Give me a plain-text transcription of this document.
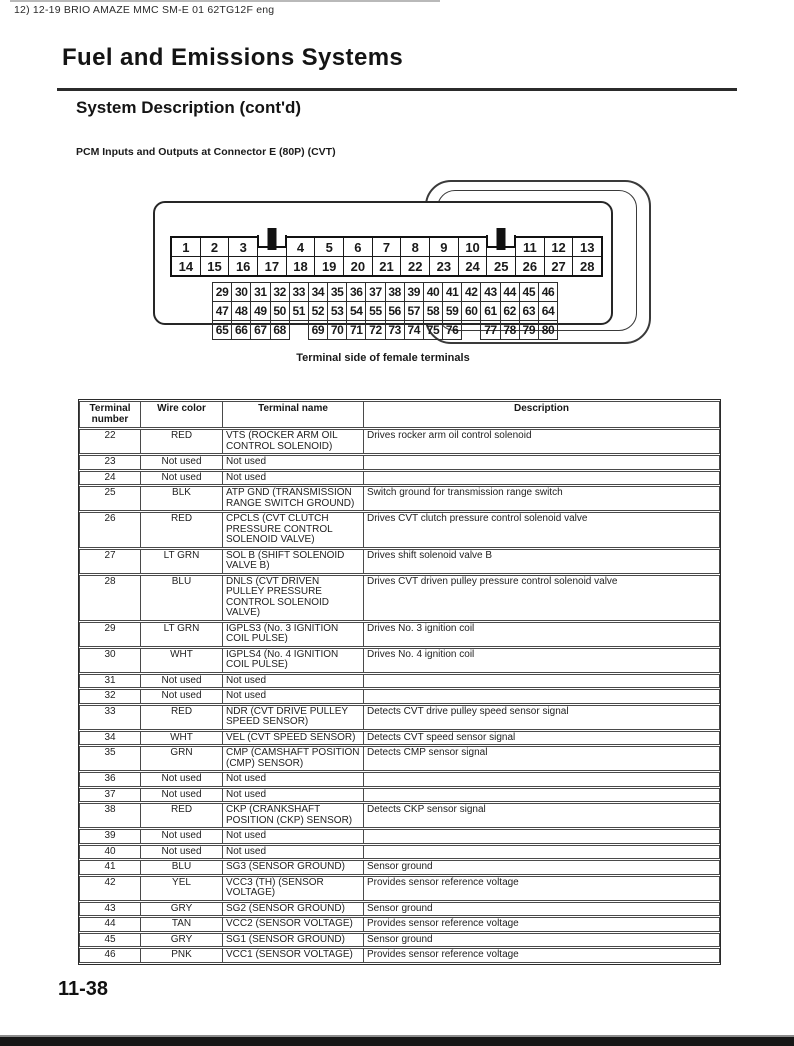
12) 12-19 BRIO AMAZE MMC SM-E 01 62TG12F eng
Fuel and Emissions Systems
System Description (cont'd)
PCM Inputs and Outputs at Connector E (80P) (CVT)
1	2	3	4	5	6	7	8	9	10	11	12	13
14	15	16	17	18	19	20	21	22	23	24	25	26	27	28
29 30 31 32 33 34 35 36 37 38 39 40 41 42 43 44 45 46
47 48 49 50 51 52 53 54 55 56 57 58 59 60 61 62 63 64
65 66 67 68	69 70 71 72 73 74 75 76	77 78 79 80
Terminal side of female terminals
Terminal number	Wire color	Terminal name	Description
22	RED	VTS (ROCKER ARM OIL CONTROL SOLENOID)	Drives rocker arm oil control solenoid
23	Not used	Not used	
24	Not used	Not used	
25	BLK	ATP GND (TRANSMISSION RANGE SWITCH GROUND)	Switch ground for transmission range switch
26	RED	CPCLS (CVT CLUTCH PRESSURE CONTROL SOLENOID VALVE)	Drives CVT clutch pressure control solenoid valve
27	LT GRN	SOL B (SHIFT SOLENOID VALVE B)	Drives shift solenoid valve B
28	BLU	DNLS (CVT DRIVEN PULLEY PRESSURE CONTROL SOLENOID VALVE)	Drives CVT driven pulley pressure control solenoid valve
29	LT GRN	IGPLS3 (No. 3 IGNITION COIL PULSE)	Drives No. 3 ignition coil
30	WHT	IGPLS4 (No. 4 IGNITION COIL PULSE)	Drives No. 4 ignition coil
31	Not used	Not used	
32	Not used	Not used	
33	RED	NDR (CVT DRIVE PULLEY SPEED SENSOR)	Detects CVT drive pulley speed sensor signal
34	WHT	VEL (CVT SPEED SENSOR)	Detects CVT speed sensor signal
35	GRN	CMP (CAMSHAFT POSITION (CMP) SENSOR)	Detects CMP sensor signal
36	Not used	Not used	
37	Not used	Not used	
38	RED	CKP (CRANKSHAFT POSITION (CKP) SENSOR)	Detects CKP sensor signal
39	Not used	Not used	
40	Not used	Not used	
41	BLU	SG3 (SENSOR GROUND)	Sensor ground
42	YEL	VCC3 (TH) (SENSOR VOLTAGE)	Provides sensor reference voltage
43	GRY	SG2 (SENSOR GROUND)	Sensor ground
44	TAN	VCC2 (SENSOR VOLTAGE)	Provides sensor reference voltage
45	GRY	SG1 (SENSOR GROUND)	Sensor ground
46	PNK	VCC1 (SENSOR VOLTAGE)	Provides sensor reference voltage
11-38
